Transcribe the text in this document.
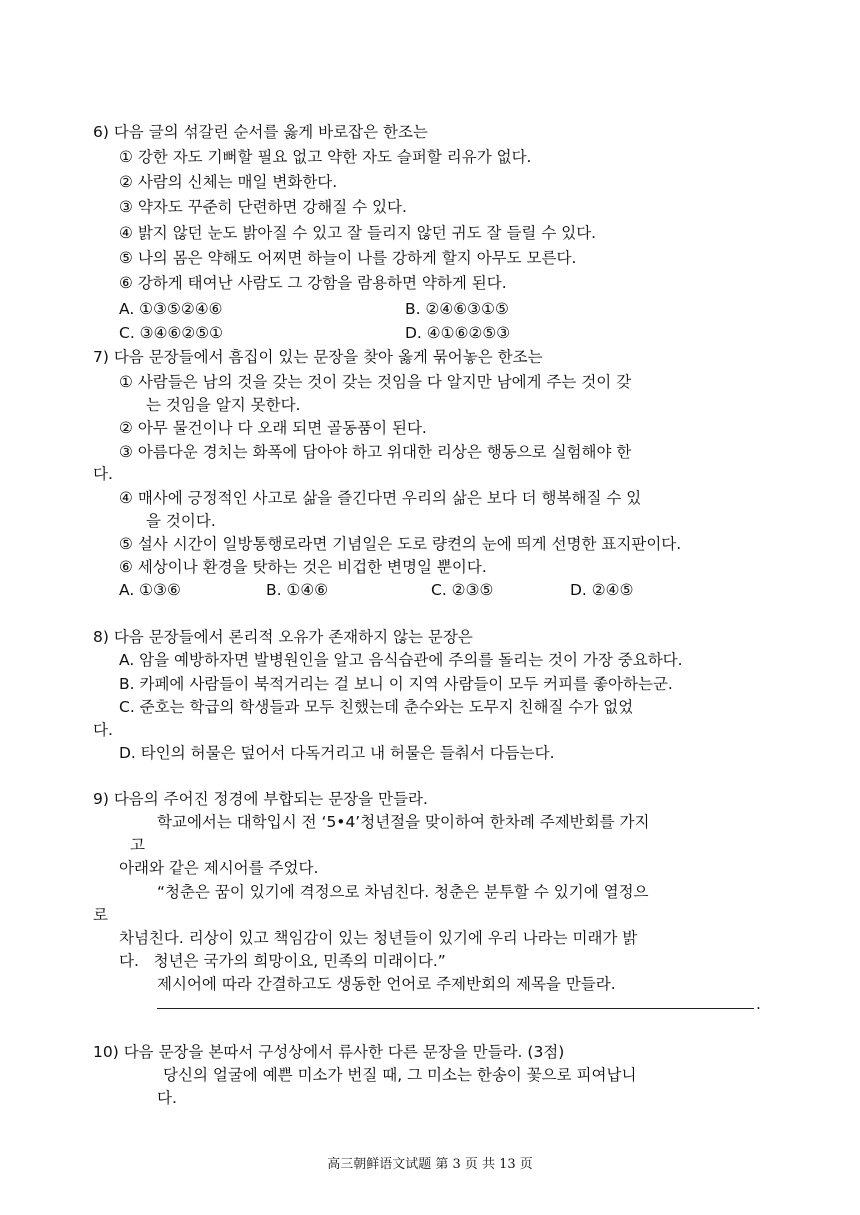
6) 다음 글의 섞갈린 순서를 옳게 바로잡은 한조는
① 강한 자도 기뻐할 필요 없고 약한 자도 슬퍼할 리유가 없다.
② 사람의 신체는 매일 변화한다.
③ 약자도 꾸준히 단련하면 강해질 수 있다.
④ 밝지 않던 눈도 밝아질 수 있고 잘 들리지 않던 귀도 잘 들릴 수 있다.
⑤ 나의 몸은 약해도 어찌면 하늘이 나를 강하게 할지 아무도 모른다.
⑥ 강하게 태여난 사람도 그 강함을 람용하면 약하게 된다.
A. ①③⑤②④⑥	B. ②④⑥③①⑤
C. ③④⑥②⑤①	D. ④①⑥②⑤③
7) 다음 문장들에서 흠집이 있는 문장을 찾아 옳게 묶어놓은 한조는
① 사람들은 남의 것을 갖는 것이 갖는 것임을 다 알지만 남에게 주는 것이 갖
는 것임을 알지 못한다.
② 아무 물건이나 다 오래 되면 골동품이 된다.
③ 아름다운 경치는 화폭에 담아야 하고 위대한 리상은 행동으로 실험해야 한
다.
④ 매사에 긍정적인 사고로 삶을 즐긴다면 우리의 삶은 보다 더 행복해질 수 있
을 것이다.
⑤ 설사 시간이 일방통행로라면 기념일은 도로 량켠의 눈에 띄게 선명한 표지판이다.
⑥ 세상이나 환경을 탓하는 것은 비겁한 변명일 뿐이다.
A. ①③⑥	B. ①④⑥	C. ②③⑤	D. ②④⑤
8) 다음 문장들에서 론리적 오유가 존재하지 않는 문장은
A. 암을 예방하자면 발병원인을 알고 음식습관에 주의를 돌리는 것이 가장 중요하다.
B. 카페에 사람들이 북적거리는 걸 보니 이 지역 사람들이 모두 커피를 좋아하는군.
C. 준호는 학급의 학생들과 모두 친했는데 춘수와는 도무지 친해질 수가 없었
다.
D. 타인의 허물은 덮어서 다독거리고 내 허물은 들춰서 다듬는다.
9) 다음의 주어진 정경에 부합되는 문장을 만들라.
학교에서는 대학입시 전 ‘5•4’청년절을 맞이하여 한차례 주제반회를 가지
고
아래와 같은 제시어를 주었다.
“청춘은 꿈이 있기에 격정으로 차넘친다. 청춘은 분투할 수 있기에 열정으
로
차넘친다. 리상이 있고 책임감이 있는 청년들이 있기에 우리 나라는 미래가 밝
다.   청년은 국가의 희망이요, 민족의 미래이다.”
제시어에 따라 간결하고도 생동한 언어로 주제반회의 제목을 만들라.
.
10) 다음 문장을 본따서 구성상에서 류사한 다른 문장을 만들라. (3점)
당신의 얼굴에 예쁜 미소가 번질 때, 그 미소는 한송이 꽃으로 피여납니
다.
高三朝鲜语文试题 第 3 页 共 13 页
